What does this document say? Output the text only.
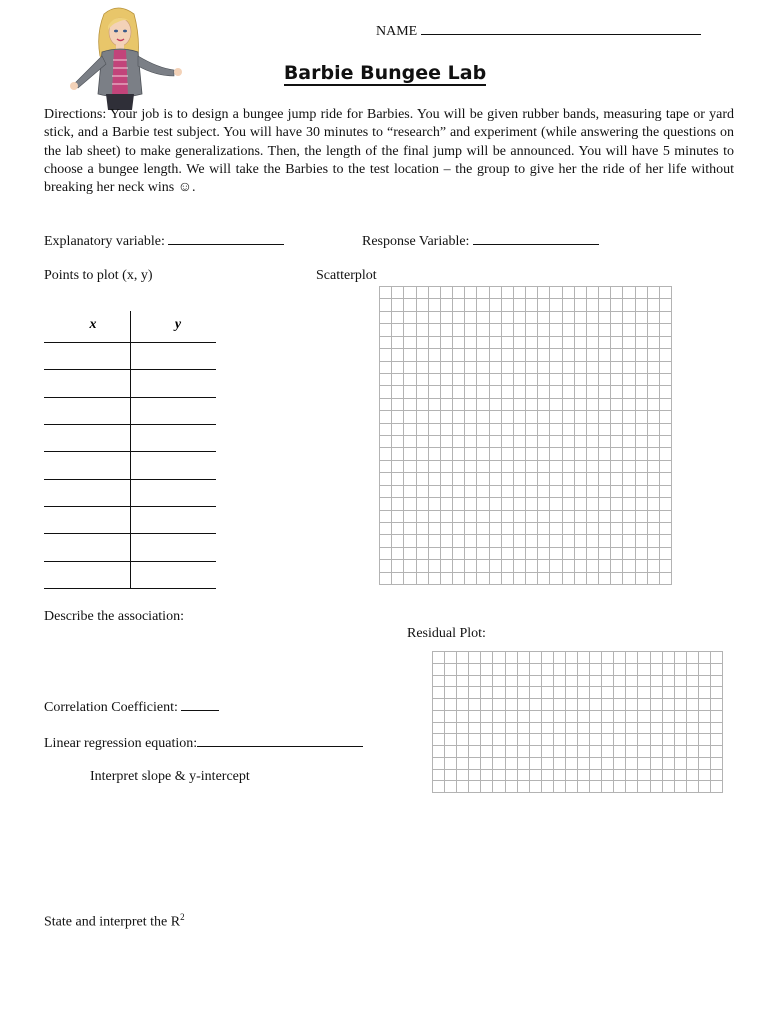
NAME
Barbie Bungee Lab
Directions: Your job is to design a bungee jump ride for Barbies. You will be given rubber bands, measuring tape or yard stick, and a Barbie test subject. You will have 30 minutes to “research” and experiment (while answering the questions on the lab sheet) to make generalizations. Then, the length of the final jump will be announced. You will have 5 minutes to choose a bungee length. We will take the Barbies to the test location – the group to give her the ride of her life without breaking her neck wins ☺.
Explanatory variable:	Response Variable:
Points to plot (x, y)	Scatterplot
x	y
Describe the association:
Residual Plot:
Correlation Coefficient:
Linear regression equation:
Interpret slope & y-intercept
State and interpret the $R^2$
